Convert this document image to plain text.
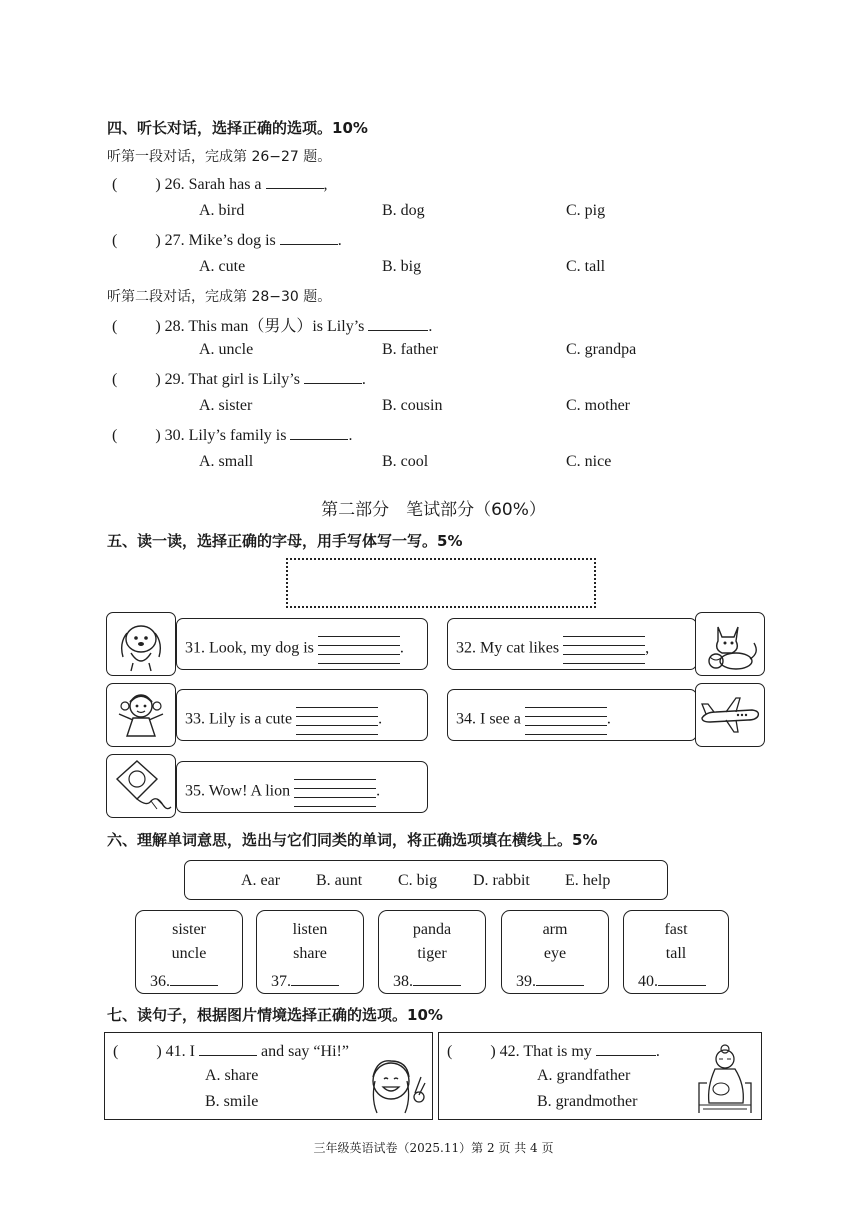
四、听长对话，选择正确的选项。10%
听第一段对话，完成第 26−27 题。
( ) 26. Sarah has a	,
A. bird	B. dog	C. pig
( ) 27. Mike’s dog is	.
A. cute	B. big	C. tall
听第二段对话，完成第 28−30 题。
( ) 28. This man（男人）is Lily’s	.
A. uncle	B. father	C. grandpa
( ) 29. That girl is Lily’s	.
A. sister	B. cousin	C. mother
( ) 30. Lily’s family is	.
A. small	B. cool	C. nice
第二部分　笔试部分（60%）
五、读一读，选择正确的字母，用手写体写一写。5%
31. Look, my dog is	.	32. My cat likes	,
33. Lily is a cute	.	34. I see a	.
35. Wow! A lion	.
六、理解单词意思，选出与它们同类的单词，将正确选项填在横线上。5%
A. ear B. aunt C. big D. rabbit E. help
sister
uncle
36.
listen
share
37.
panda
tiger
38.
arm
eye
39.
fast
tall
40.
七、读句子，根据图片情境选择正确的选项。10%
( ) 41. I	and say “Hi!”
A. share
B. smile
( ) 42. That is my	.
A. grandfather
B. grandmother
三年级英语试卷（2025.11）第 2 页 共 4 页
